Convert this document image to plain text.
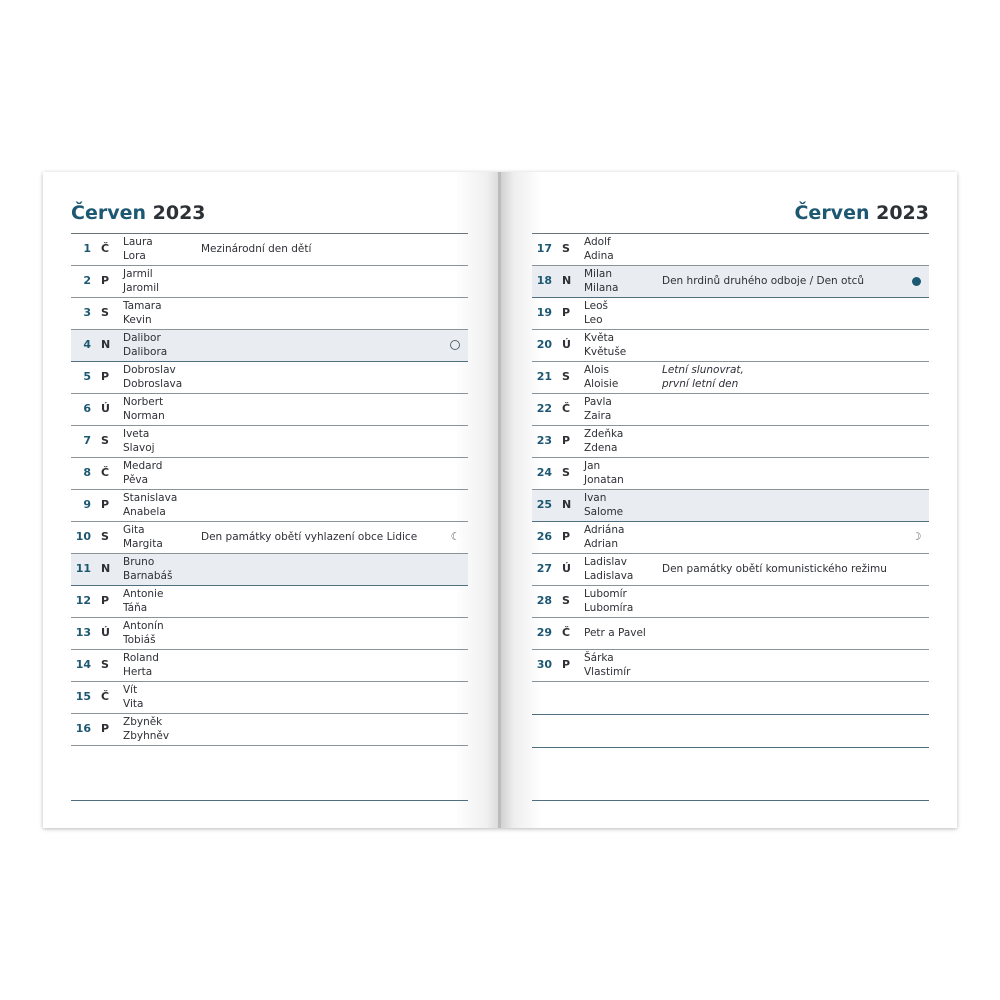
Červen 2023
1 Č Laura
Lora
Mezinárodní den dětí
2 P Jarmil
Jaromil
3 S Tamara
Kevin
4 N Dalibor
Dalibora
5 P Dobroslav
Dobroslava
6 Ú Norbert
Norman
7 S Iveta
Slavoj
8 Č Medard
Pěva
9 P Stanislava
Anabela
10 S Gita
Margita
Den památky obětí vyhlazení obce Lidice	☾
11 N Bruno
Barnabáš
12 P Antonie
Táňa
13 Ú Antonín
Tobiáš
14 S Roland
Herta
15 Č Vít
Vita
16 P Zbyněk
Zbyhněv
Červen 2023
17 S Adolf
Adina
18 N Milan
Milana
Den hrdinů druhého odboje / Den otců
19 P Leoš
Leo
20 Ú Květa
Květuše
21 S Alois
Aloisie
Letní slunovrat,
první letní den
22 Č Pavla
Zaira
23 P Zdeňka
Zdena
24 S Jan
Jonatan
25 N Ivan
Salome
26 P Adriána
Adrian
☽
27 Ú Ladislav
Ladislava
Den památky obětí komunistického režimu
28 S Lubomír
Lubomíra
29 Č Petr a Pavel
30 P Šárka
Vlastimír
